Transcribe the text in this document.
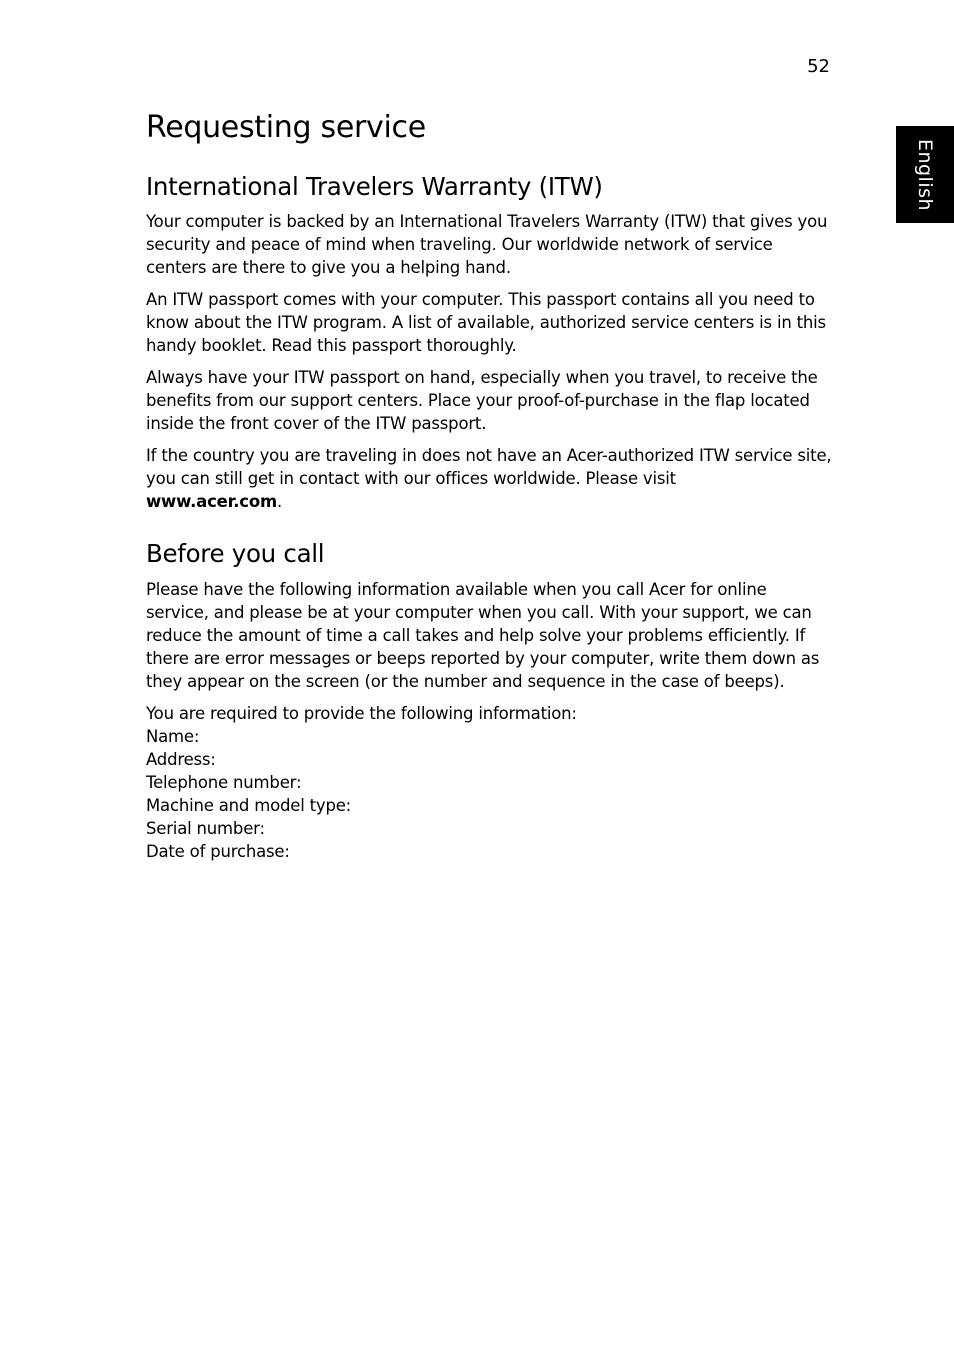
52
English
Requesting service
International Travelers Warranty (ITW)

Your computer is backed by an International Travelers Warranty (ITW) that gives you security and peace of mind when traveling. Our worldwide network of service centers are there to give you a helping hand.

An ITW passport comes with your computer. This passport contains all you need to know about the ITW program. A list of available, authorized service centers is in this handy booklet. Read this passport thoroughly.

Always have your ITW passport on hand, especially when you travel, to receive the benefits from our support centers. Place your proof-of-purchase in the flap located inside the front cover of the ITW passport.

If the country you are traveling in does not have an Acer-authorized ITW service site, you can still get in contact with our offices worldwide. Please visit
www.acer.com.

Before you call

Please have the following information available when you call Acer for online service, and please be at your computer when you call. With your support, we can reduce the amount of time a call takes and help solve your problems efficiently. If there are error messages or beeps reported by your computer, write them down as they appear on the screen (or the number and sequence in the case of beeps).

You are required to provide the following information:
Name:
Address:
Telephone number:
Machine and model type:
Serial number:
Date of purchase:
